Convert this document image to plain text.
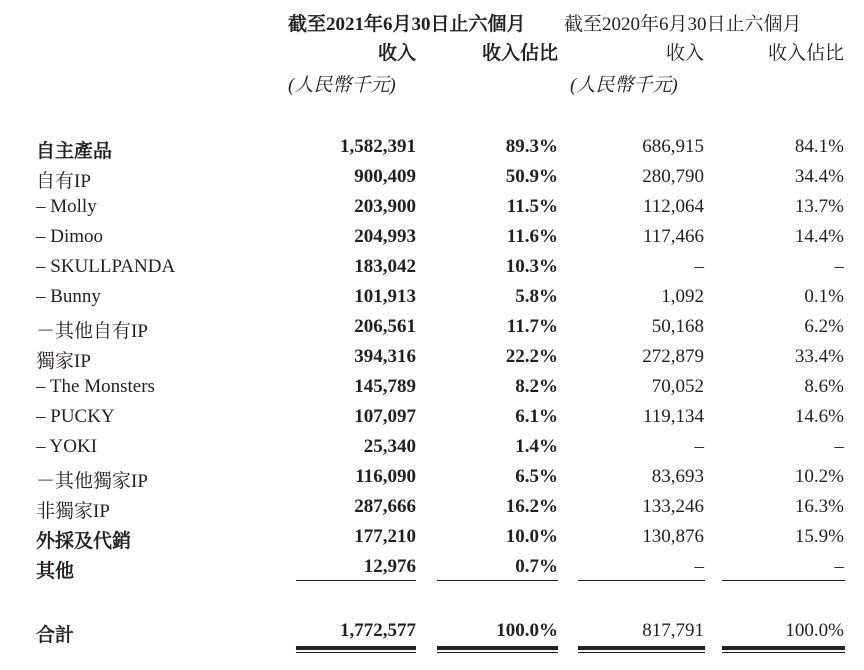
截至2021年6月30日止六個月 截至2020年6月30日止六個月
收入	收入佔比	收入	收入佔比
(人民幣千元)	(人民幣千元)
自主產品	1,582,391	89.3%	686,915	84.1%
自有IP	900,409	50.9%	280,790	34.4%
– Molly	203,900	11.5%	112,064	13.7%
– Dimoo	204,993	11.6%	117,466	14.4%
– SKULLPANDA	183,042	10.3%	–	–
– Bunny	101,913	5.8%	1,092	0.1%
－其他自有IP	206,561	11.7%	50,168	6.2%
獨家IP	394,316	22.2%	272,879	33.4%
– The Monsters	145,789	8.2%	70,052	8.6%
– PUCKY	107,097	6.1%	119,134	14.6%
– YOKI	25,340	1.4%	–	–
－其他獨家IP	116,090	6.5%	83,693	10.2%
非獨家IP	287,666	16.2%	133,246	16.3%
外採及代銷	177,210	10.0%	130,876	15.9%
其他	12,976	0.7%	–	–
合計	1,772,577	100.0%	817,791	100.0%
